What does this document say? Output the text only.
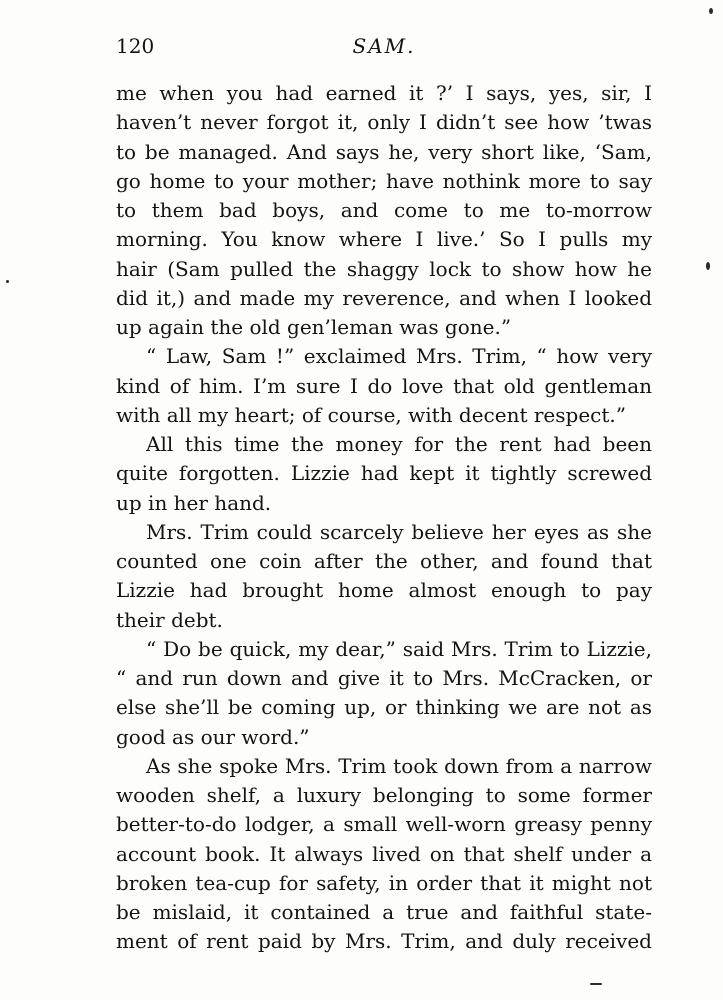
120	SAM.
me when you had earned it ?’ I says, yes, sir, I
haven’t never forgot it, only I didn’t see how ’twas
to be managed. And says he, very short like, ‘Sam,
go home to your mother; have nothink more to say
to them bad boys, and come to me to-morrow
morning. You know where I live.’ So I pulls my
hair (Sam pulled the shaggy lock to show how he
did it,) and made my reverence, and when I looked
up again the old gen’leman was gone.”
“ Law, Sam !” exclaimed Mrs. Trim, “ how very
kind of him. I’m sure I do love that old gentleman
with all my heart; of course, with decent respect.”
All this time the money for the rent had been
quite forgotten. Lizzie had kept it tightly screwed
up in her hand.
Mrs. Trim could scarcely believe her eyes as she
counted one coin after the other, and found that
Lizzie had brought home almost enough to pay
their debt.
“ Do be quick, my dear,” said Mrs. Trim to Lizzie,
“ and run down and give it to Mrs. McCracken, or
else she’ll be coming up, or thinking we are not as
good as our word.”
As she spoke Mrs. Trim took down from a narrow
wooden shelf, a luxury belonging to some former
better-to-do lodger, a small well-worn greasy penny
account book. It always lived on that shelf under a
broken tea-cup for safety, in order that it might not
be mislaid, it contained a true and faithful state-
ment of rent paid by Mrs. Trim, and duly received
